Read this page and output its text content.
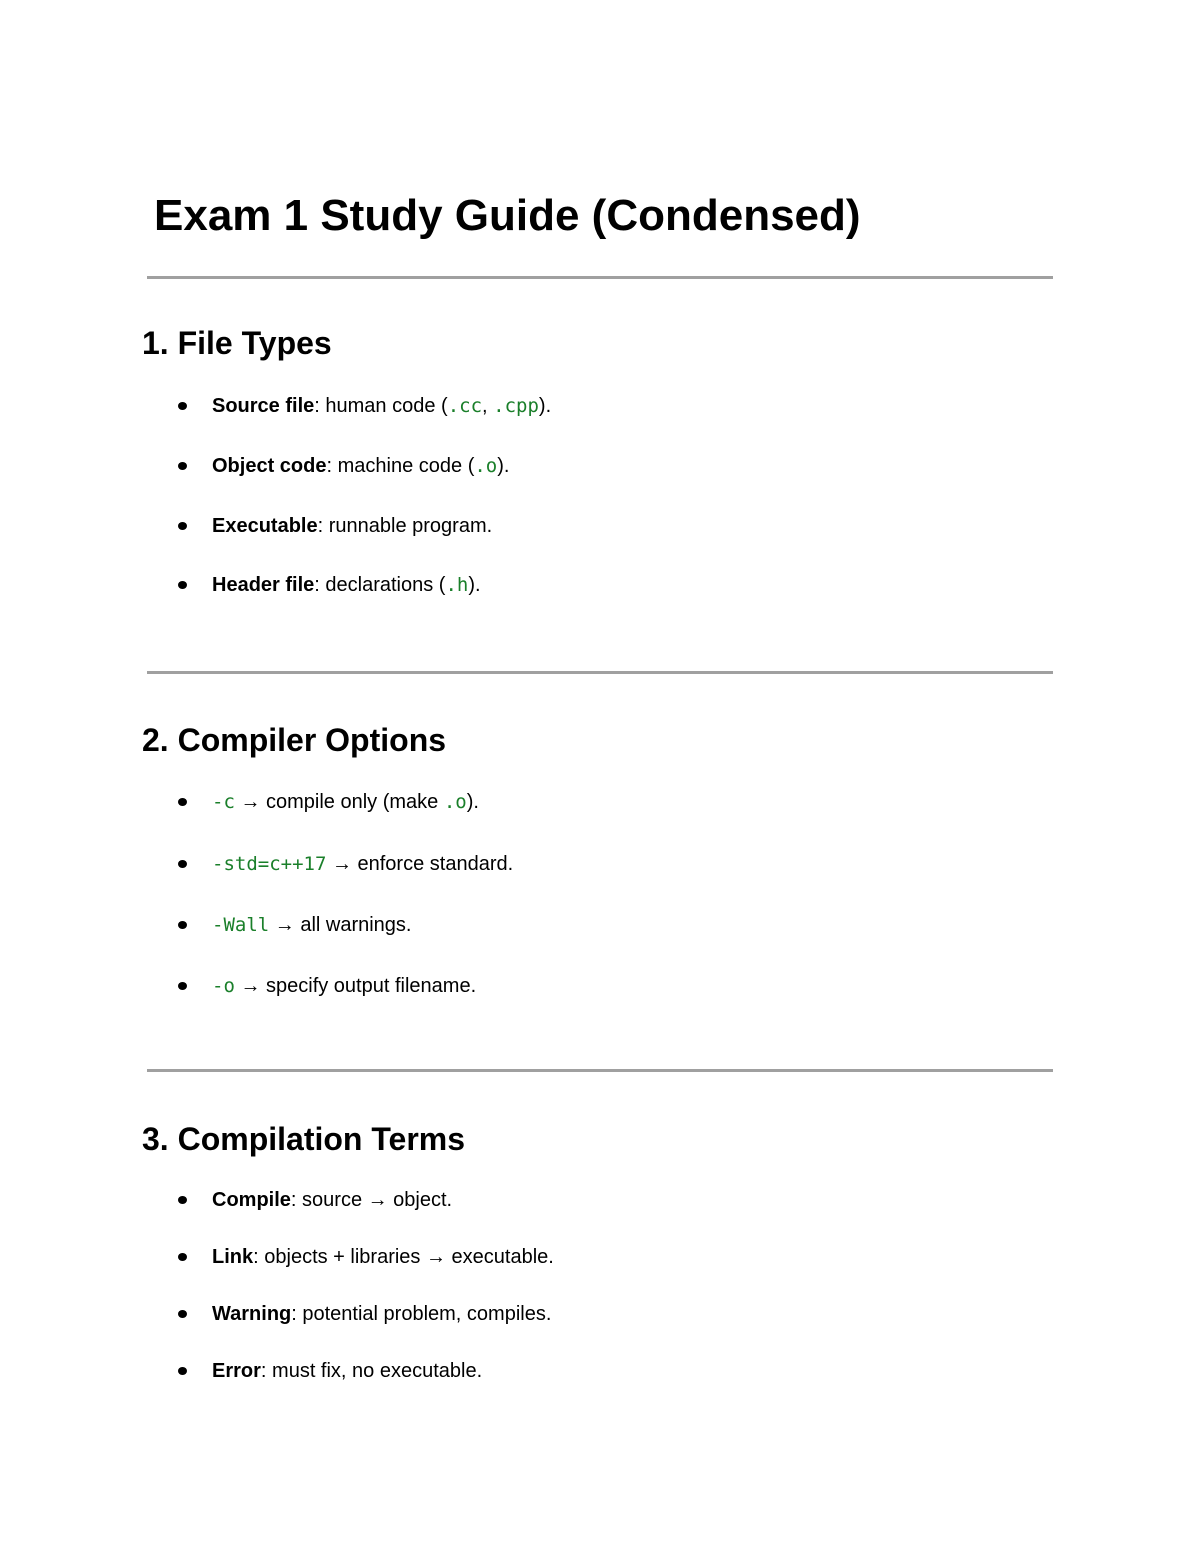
Exam 1 Study Guide (Condensed)
1. File Types
Source file: human code (.cc, .cpp).
Object code: machine code (.o).
Executable: runnable program.
Header file: declarations (.h).
2. Compiler Options
-c → compile only (make .o).
-std=c++17 → enforce standard.
-Wall → all warnings.
-o → specify output filename.
3. Compilation Terms
Compile: source → object.
Link: objects + libraries → executable.
Warning: potential problem, compiles.
Error: must fix, no executable.
